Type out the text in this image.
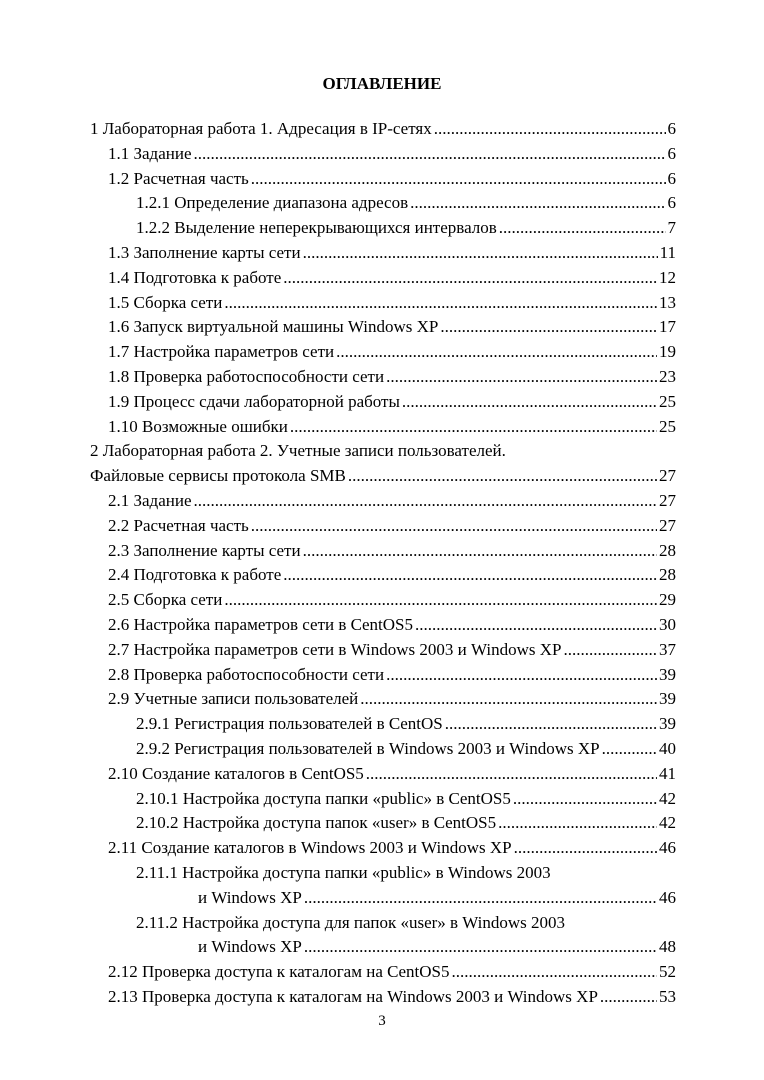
ОГЛАВЛЕНИЕ
1 Лабораторная работа 1. Адресация в IP-сетях .....	6
1.1 Задание .....	6
1.2 Расчетная часть .....	6
1.2.1 Определение диапазона адресов .....	6
1.2.2 Выделение неперекрывающихся интервалов .....	7
1.3 Заполнение карты сети .....	11
1.4 Подготовка к работе .....	12
1.5 Сборка сети .....	13
1.6 Запуск виртуальной машины Windows XP .....	17
1.7 Настройка параметров сети .....	19
1.8 Проверка работоспособности сети .....	23
1.9 Процесс сдачи лабораторной работы .....	25
1.10 Возможные ошибки .....	25
2 Лабораторная работа 2. Учетные записи пользователей.
Файловые сервисы протокола SMB .....	27
2.1 Задание .....	27
2.2 Расчетная часть .....	27
2.3 Заполнение карты сети .....	28
2.4 Подготовка к работе .....	28
2.5 Сборка сети .....	29
2.6 Настройка параметров сети в CentOS5 .....	30
2.7 Настройка параметров сети в Windows 2003 и Windows XP .....	37
2.8 Проверка работоспособности сети .....	39
2.9 Учетные записи пользователей .....	39
2.9.1 Регистрация пользователей в CentOS .....	39
2.9.2 Регистрация пользователей в Windows 2003 и Windows XP .....	40
2.10 Создание каталогов в CentOS5 .....	41
2.10.1 Настройка доступа папки «public» в CentOS5 .....	42
2.10.2 Настройка доступа папок «user» в CentOS5 .....	42
2.11 Создание каталогов в Windows 2003 и Windows XP .....	46
2.11.1 Настройка доступа папки «public» в Windows 2003
и Windows XP .....	46
2.11.2 Настройка доступа для папок «user» в Windows 2003
и Windows XP .....	48
2.12 Проверка доступа к каталогам на CentOS5 .....	52
2.13 Проверка доступа к каталогам на Windows 2003 и Windows XP .....	53
3
